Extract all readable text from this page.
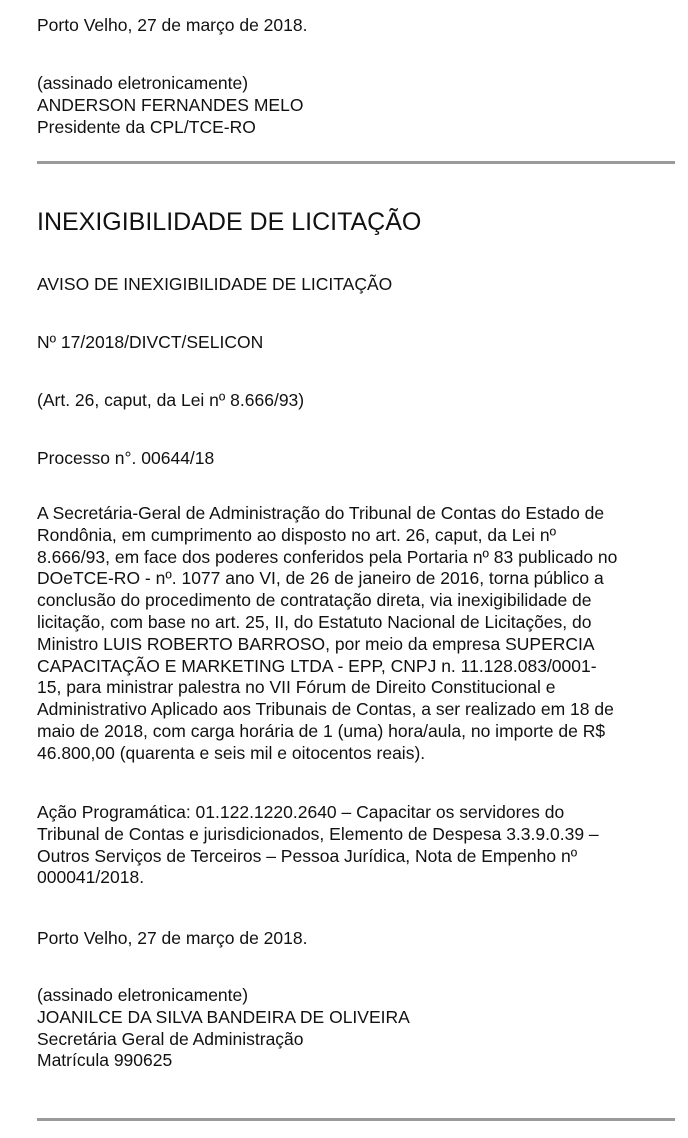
Porto Velho, 27 de março de 2018.

(assinado eletronicamente)
ANDERSON FERNANDES MELO
Presidente da CPL/TCE-RO
INEXIGIBILIDADE DE LICITAÇÃO

AVISO DE INEXIGIBILIDADE DE LICITAÇÃO

Nº 17/2018/DIVCT/SELICON

(Art. 26, caput, da Lei nº 8.666/93)

Processo n°. 00644/18

A Secretária-Geral de Administração do Tribunal de Contas do Estado de
Rondônia, em cumprimento ao disposto no art. 26, caput, da Lei nº
8.666/93, em face dos poderes conferidos pela Portaria nº 83 publicado no
DOeTCE-RO - nº. 1077 ano VI, de 26 de janeiro de 2016, torna público a
conclusão do procedimento de contratação direta, via inexigibilidade de
licitação, com base no art. 25, II, do Estatuto Nacional de Licitações, do
Ministro LUIS ROBERTO BARROSO, por meio da empresa SUPERCIA
CAPACITAÇÃO E MARKETING LTDA - EPP, CNPJ n. 11.128.083/0001-
15, para ministrar palestra no VII Fórum de Direito Constitucional e
Administrativo Aplicado aos Tribunais de Contas, a ser realizado em 18 de
maio de 2018, com carga horária de 1 (uma) hora/aula, no importe de R$
46.800,00 (quarenta e seis mil e oitocentos reais).
Ação Programática: 01.122.1220.2640 – Capacitar os servidores do
Tribunal de Contas e jurisdicionados, Elemento de Despesa 3.3.9.0.39 –
Outros Serviços de Terceiros – Pessoa Jurídica, Nota de Empenho nº
000041/2018.

Porto Velho, 27 de março de 2018.

(assinado eletronicamente)
JOANILCE DA SILVA BANDEIRA DE OLIVEIRA
Secretária Geral de Administração
Matrícula 990625
